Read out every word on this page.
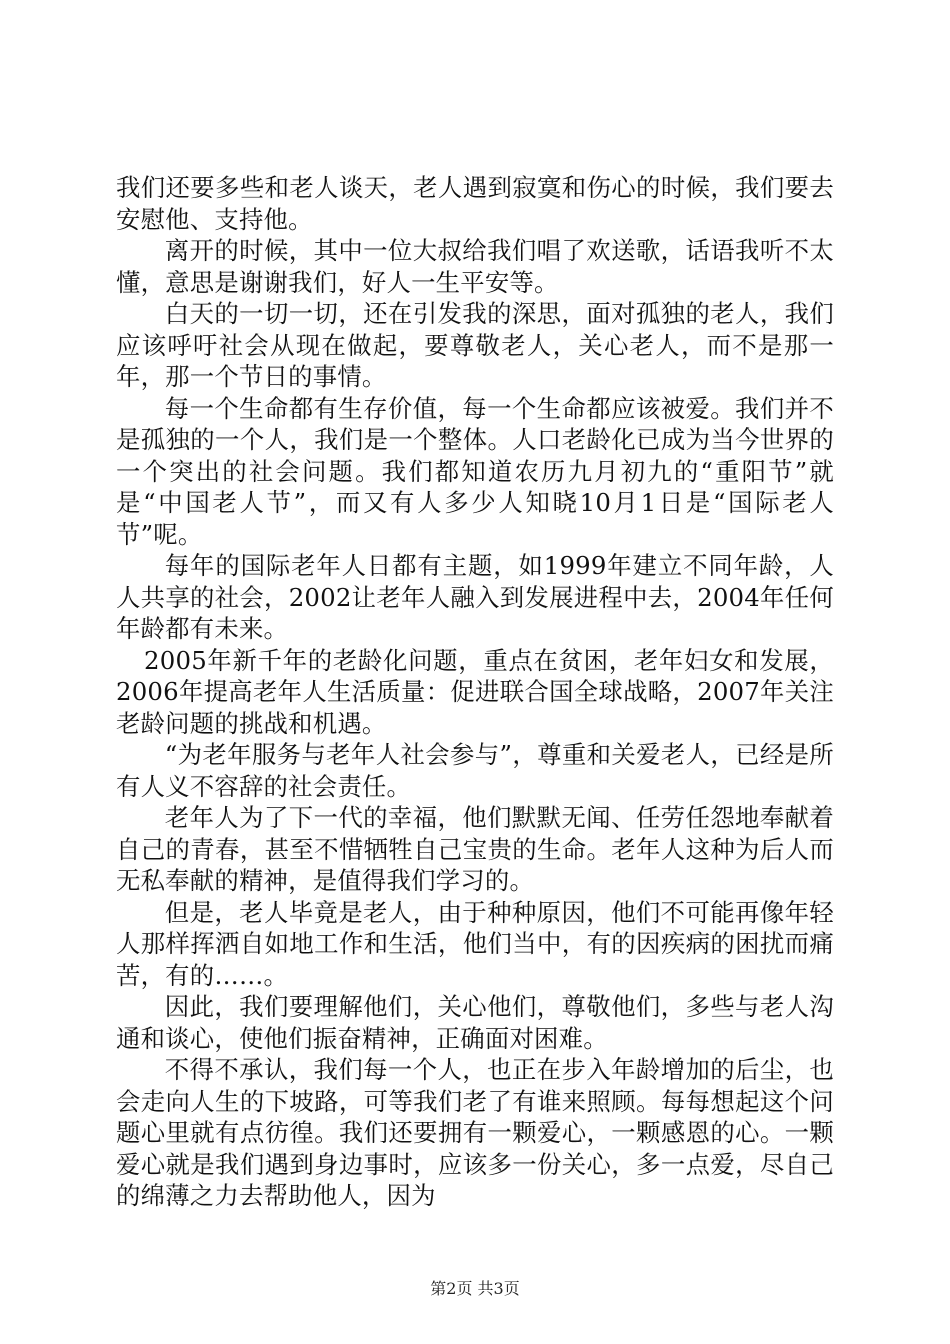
我们还要多些和老人谈天，老人遇到寂寞和伤心的时候，我们要去安慰他、支持他。

离开的时候，其中一位大叔给我们唱了欢送歌，话语我听不太懂，意思是谢谢我们，好人一生平安等。

白天的一切一切，还在引发我的深思，面对孤独的老人，我们应该呼吁社会从现在做起，要尊敬老人，关心老人，而不是那一年，那一个节日的事情。

每一个生命都有生存价值，每一个生命都应该被爱。我们并不是孤独的一个人，我们是一个整体。人口老龄化已成为当今世界的一个突出的社会问题。我们都知道农历九月初九的“重阳节”就是“中国老人节”，而又有人多少人知晓10月1日是“国际老人节”呢。

每年的国际老年人日都有主题，如1999年建立不同年龄，人人共享的社会，2002让老年人融入到发展进程中去，2004年任何年龄都有未来。

2005年新千年的老龄化问题，重点在贫困，老年妇女和发展，2006年提高老年人生活质量：促进联合国全球战略，2007年关注老龄问题的挑战和机遇。

“为老年服务与老年人社会参与”，尊重和关爱老人，已经是所有人义不容辞的社会责任。

老年人为了下一代的幸福，他们默默无闻、任劳任怨地奉献着自己的青春，甚至不惜牺牲自己宝贵的生命。老年人这种为后人而无私奉献的精神，是值得我们学习的。

但是，老人毕竟是老人，由于种种原因，他们不可能再像年轻人那样挥洒自如地工作和生活，他们当中，有的因疾病的困扰而痛苦，有的……。

因此，我们要理解他们，关心他们，尊敬他们，多些与老人沟通和谈心，使他们振奋精神，正确面对困难。

不得不承认，我们每一个人，也正在步入年龄增加的后尘，也会走向人生的下坡路，可等我们老了有谁来照顾。每每想起这个问题心里就有点彷徨。我们还要拥有一颗爱心，一颗感恩的心。一颗爱心就是我们遇到身边事时，应该多一份关心，多一点爱，尽自己的绵薄之力去帮助他人，因为

第2页 共3页
